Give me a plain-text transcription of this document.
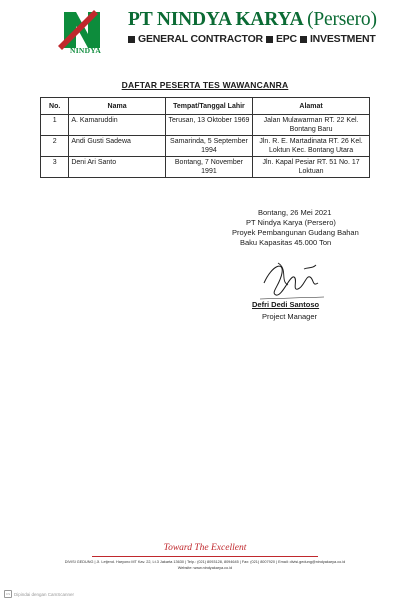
NINDYA
PT NINDYA KARYA (Persero)
GENERAL CONTRACTOR EPC INVESTMENT
DAFTAR PESERTA TES WAWANCANRA
No.	Nama	Tempat/Tanggal Lahir	Alamat
1	A. Kamaruddin	Terusan, 13 Oktober 1969	Jalan Mulawarman RT. 22 Kel. Bontang Baru
2	Andi Gusti Sadewa	Samarinda, 5 September 1994	Jln. R. E. Martadinata RT. 26 Kel. Loktun Kec. Bontang Utara
3	Deni Ari Santo	Bontang, 7 November 1991	Jln. Kapal Pesiar RT. 51 No. 17 Loktuan
Bontang, 26 Mei 2021
PT Nindya Karya (Persero)
Proyek Pembangunan Gudang Bahan
Baku Kapasitas 45.000 Ton
Defri Dedi Santoso
Project Manager
Toward The Excellent
DIVISI GEDUNG | Jl. Letjend. Haryono MT Kav. 22, Lt.3 Jakarta 13630 | Telp.: (021) 8093128, 8094645 | Fax: (021) 8007920 | Email: divisi.gedung@nindyakarya.co.id
Website: www.nindyakarya.co.id
CS Dipindai dengan CamScanner
